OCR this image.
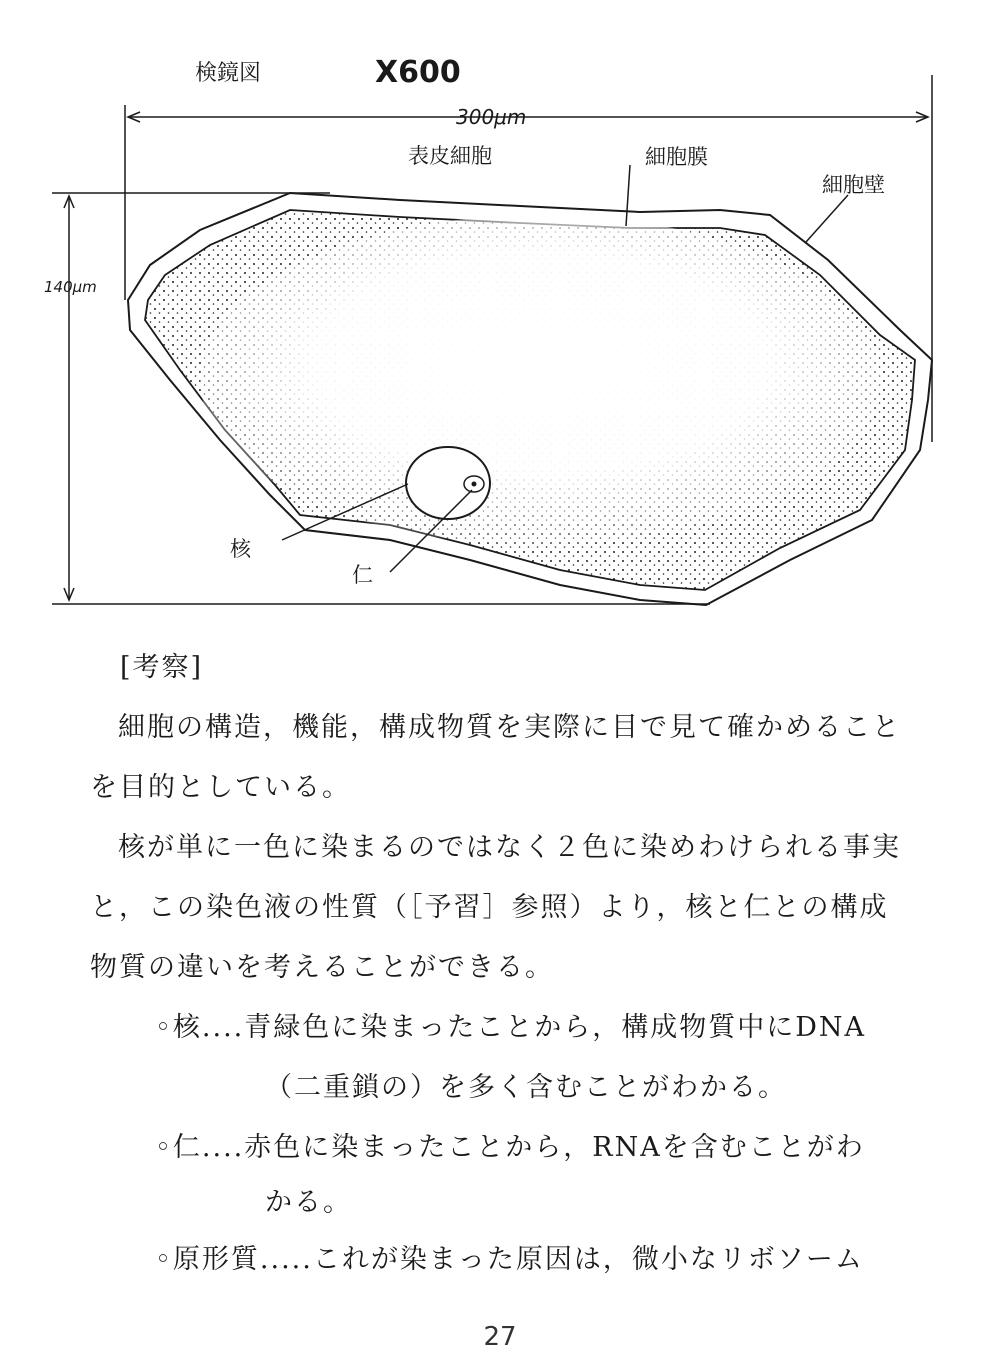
検鏡図	X600
300μm
140μm
表皮細胞	細胞膜
細胞壁
核
仁
[考察]
細胞の構造，機能，構成物質を実際に目で見て確かめること
を目的としている。
核が単に一色に染まるのではなく２色に染めわけられる事実
と，この染色液の性質（［予習］参照）より，核と仁との構成
物質の違いを考えることができる。
◦核....青緑色に染まったことから，構成物質中にDNA
（二重鎖の）を多く含むことがわかる。
◦仁....赤色に染まったことから，RNAを含むことがわ
かる。
◦原形質.....これが染まった原因は，微小なリボソーム
27
